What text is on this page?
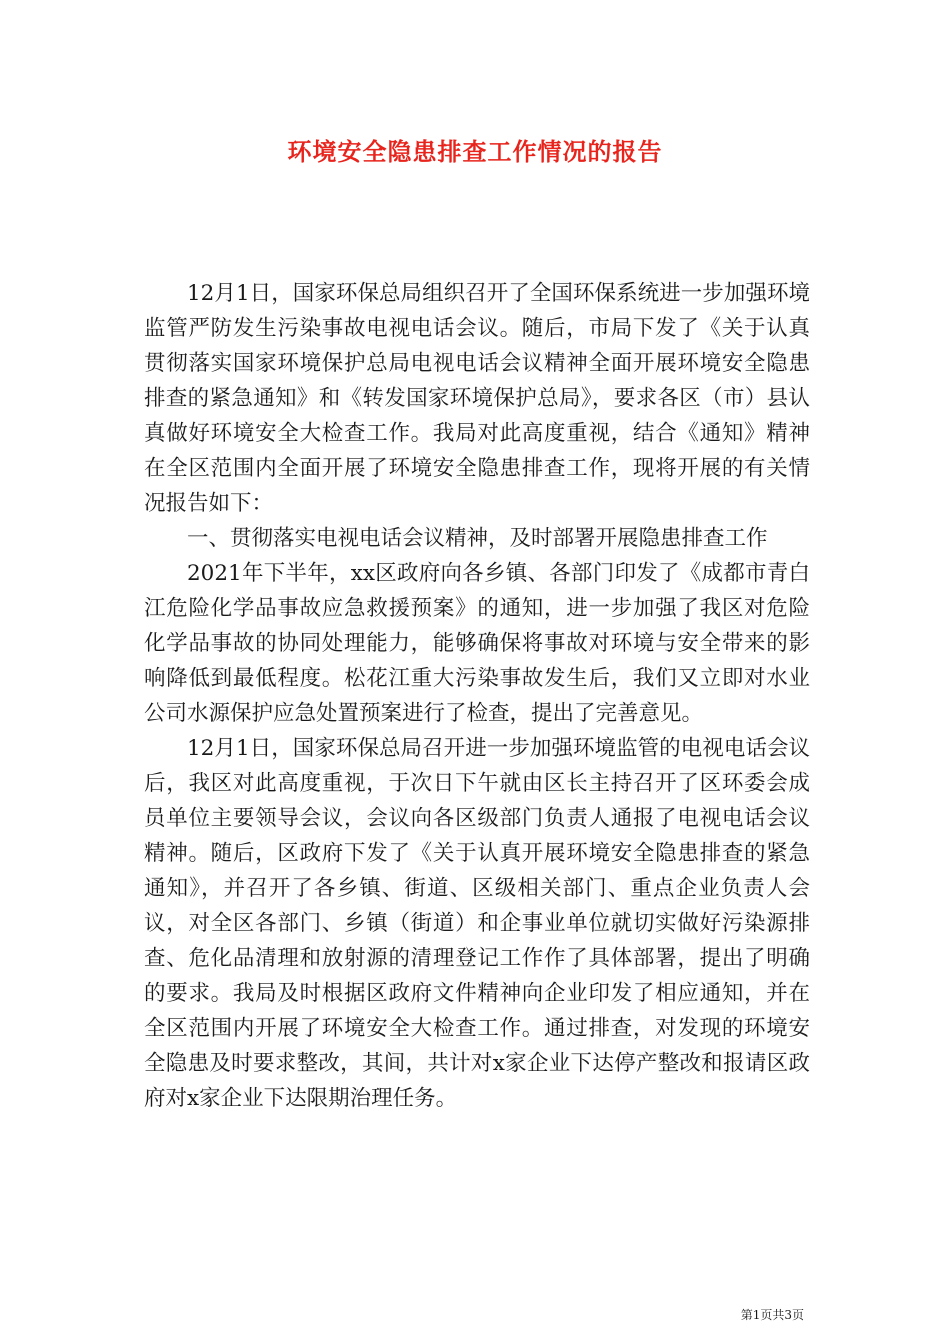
环境安全隐患排查工作情况的报告

12月1日，国家环保总局组织召开了全国环保系统进一步加强环境监管严防发生污染事故电视电话会议。随后，市局下发了《关于认真贯彻落实国家环境保护总局电视电话会议精神全面开展环境安全隐患排查的紧急通知》和《转发国家环境保护总局》，要求各区（市）县认真做好环境安全大检查工作。我局对此高度重视，结合《通知》精神在全区范围内全面开展了环境安全隐患排查工作，现将开展的有关情况报告如下：

一、贯彻落实电视电话会议精神，及时部署开展隐患排查工作

2021年下半年，xx区政府向各乡镇、各部门印发了《成都市青白江危险化学品事故应急救援预案》的通知，进一步加强了我区对危险化学品事故的协同处理能力，能够确保将事故对环境与安全带来的影响降低到最低程度。松花江重大污染事故发生后，我们又立即对水业公司水源保护应急处置预案进行了检查，提出了完善意见。

12月1日，国家环保总局召开进一步加强环境监管的电视电话会议后，我区对此高度重视，于次日下午就由区长主持召开了区环委会成员单位主要领导会议，会议向各区级部门负责人通报了电视电话会议精神。随后，区政府下发了《关于认真开展环境安全隐患排查的紧急通知》，并召开了各乡镇、街道、区级相关部门、重点企业负责人会议，对全区各部门、乡镇（街道）和企事业单位就切实做好污染源排查、危化品清理和放射源的清理登记工作作了具体部署，提出了明确的要求。我局及时根据区政府文件精神向企业印发了相应通知，并在全区范围内开展了环境安全大检查工作。通过排查，对发现的环境安全隐患及时要求整改，其间，共计对x家企业下达停产整改和报请区政府对x家企业下达限期治理任务。

第1页共3页
